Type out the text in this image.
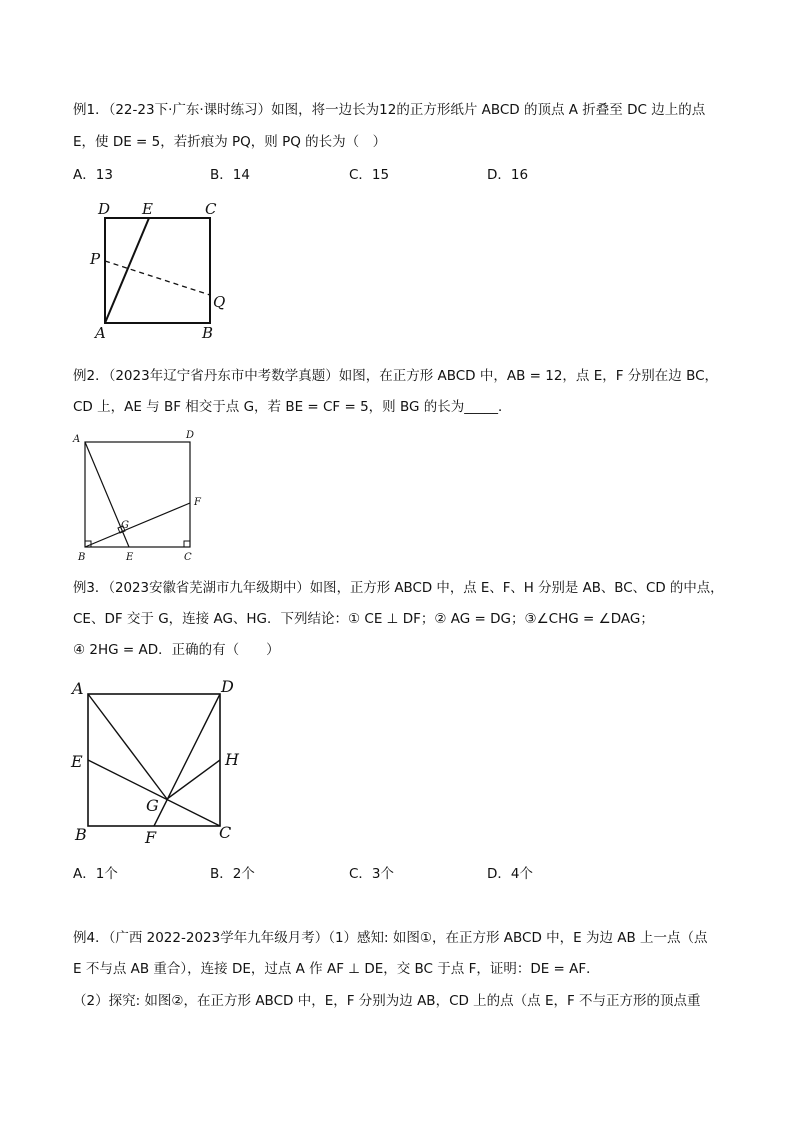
例1．（22-23下·广东·课时练习）如图，将一边长为12的正方形纸片 ABCD 的顶点 A 折叠至 DC 边上的点
E，使 DE = 5，若折痕为 PQ，则 PQ 的长为（　）
A．13	B．14	C．15	D．16
D E	C
P
Q
A	B
例2．（2023年辽宁省丹东市中考数学真题）如图，在正方形 ABCD 中，AB = 12，点 E，F 分别在边 BC，
CD 上，AE 与 BF 相交于点 G，若 BE = CF = 5，则 BG 的长为_____．
A	D
F
G
B	E	C
例3．（2023安徽省芜湖市九年级期中）如图，正方形 ABCD 中，点 E、F、H 分别是 AB、BC、CD 的中点，
CE、DF 交于 G，连接 AG、HG．下列结论：① CE ⊥ DF；② AG = DG；③∠CHG = ∠DAG；
④ 2HG = AD．正确的有（　　）
A	D
E	H
G
B	F	C
A．1个	B．2个	C．3个	D．4个
例4．（广西 2022-2023学年九年级月考）（1）感知: 如图①，在正方形 ABCD 中，E 为边 AB 上一点（点
E 不与点 AB 重合），连接 DE，过点 A 作 AF ⊥ DE，交 BC 于点 F，证明：DE = AF．
（2）探究: 如图②，在正方形 ABCD 中，E，F 分别为边 AB，CD 上的点（点 E，F 不与正方形的顶点重
